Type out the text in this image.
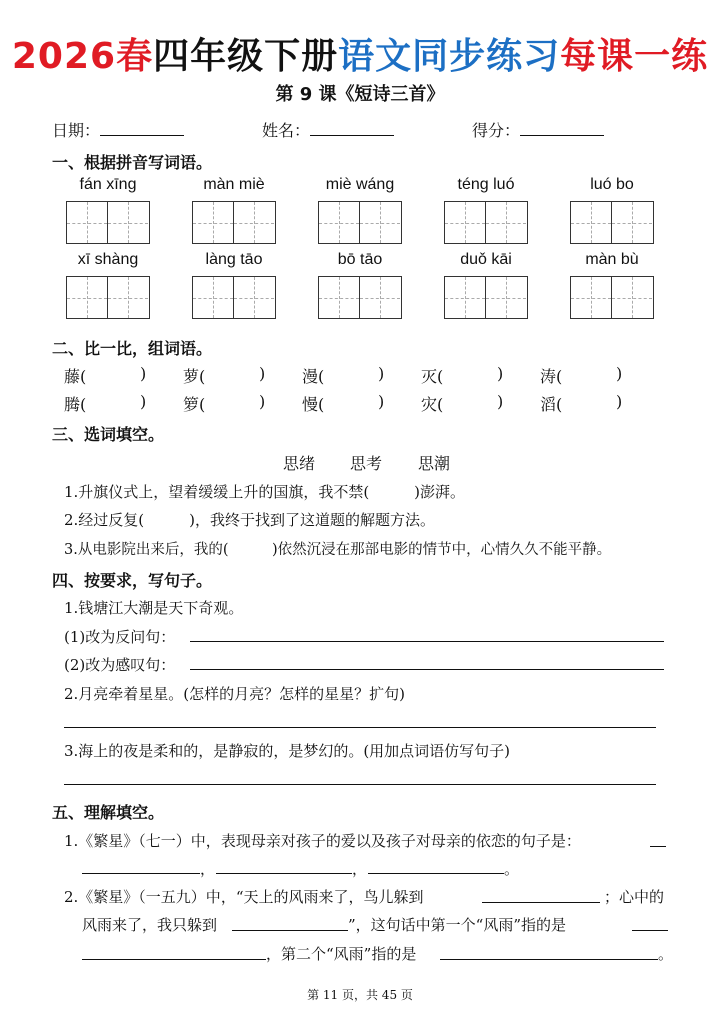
2026春四年级下册语文同步练习每课一练
第 9 课《短诗三首》
日期：	姓名：	得分：
一、根据拼音写词语。
fán xīng	màn miè	miè wáng	téng luó	luó bo
xī shàng	làng tāo	bō tāo	duǒ kāi	màn bù
二、比一比，组词语。
藤(	) 萝(	) 漫(	) 灭(	) 涛(	)
腾(	) 箩(	) 慢(	) 灾(	) 滔(	)
三、选词填空。
思绪 思考 思潮
1.升旗仪式上，望着缓缓上升的国旗，我不禁(　　　)澎湃。
2.经过反复(　　　)，我终于找到了这道题的解题方法。
3.从电影院出来后，我的(　　　)依然沉浸在那部电影的情节中，心情久久不能平静。
四、按要求，写句子。
1.钱塘江大潮是天下奇观。
(1)改为反问句：
(2)改为感叹句：
2.月亮牵着星星。(怎样的月亮？怎样的星星？扩句)
3.海上的夜是柔和的，是静寂的，是梦幻的。(用加点词语仿写句子)
五、理解填空。
1.《繁星》（七一）中，表现母亲对孩子的爱以及孩子对母亲的依恋的句子是：
，	，	。
2.《繁星》（一五九）中，“天上的风雨来了，鸟儿躲到	；心中的
风雨来了，我只躲到	”，这句话中第一个“风雨”指的是
，第二个“风雨”指的是	。
第 11 页，共 45 页
